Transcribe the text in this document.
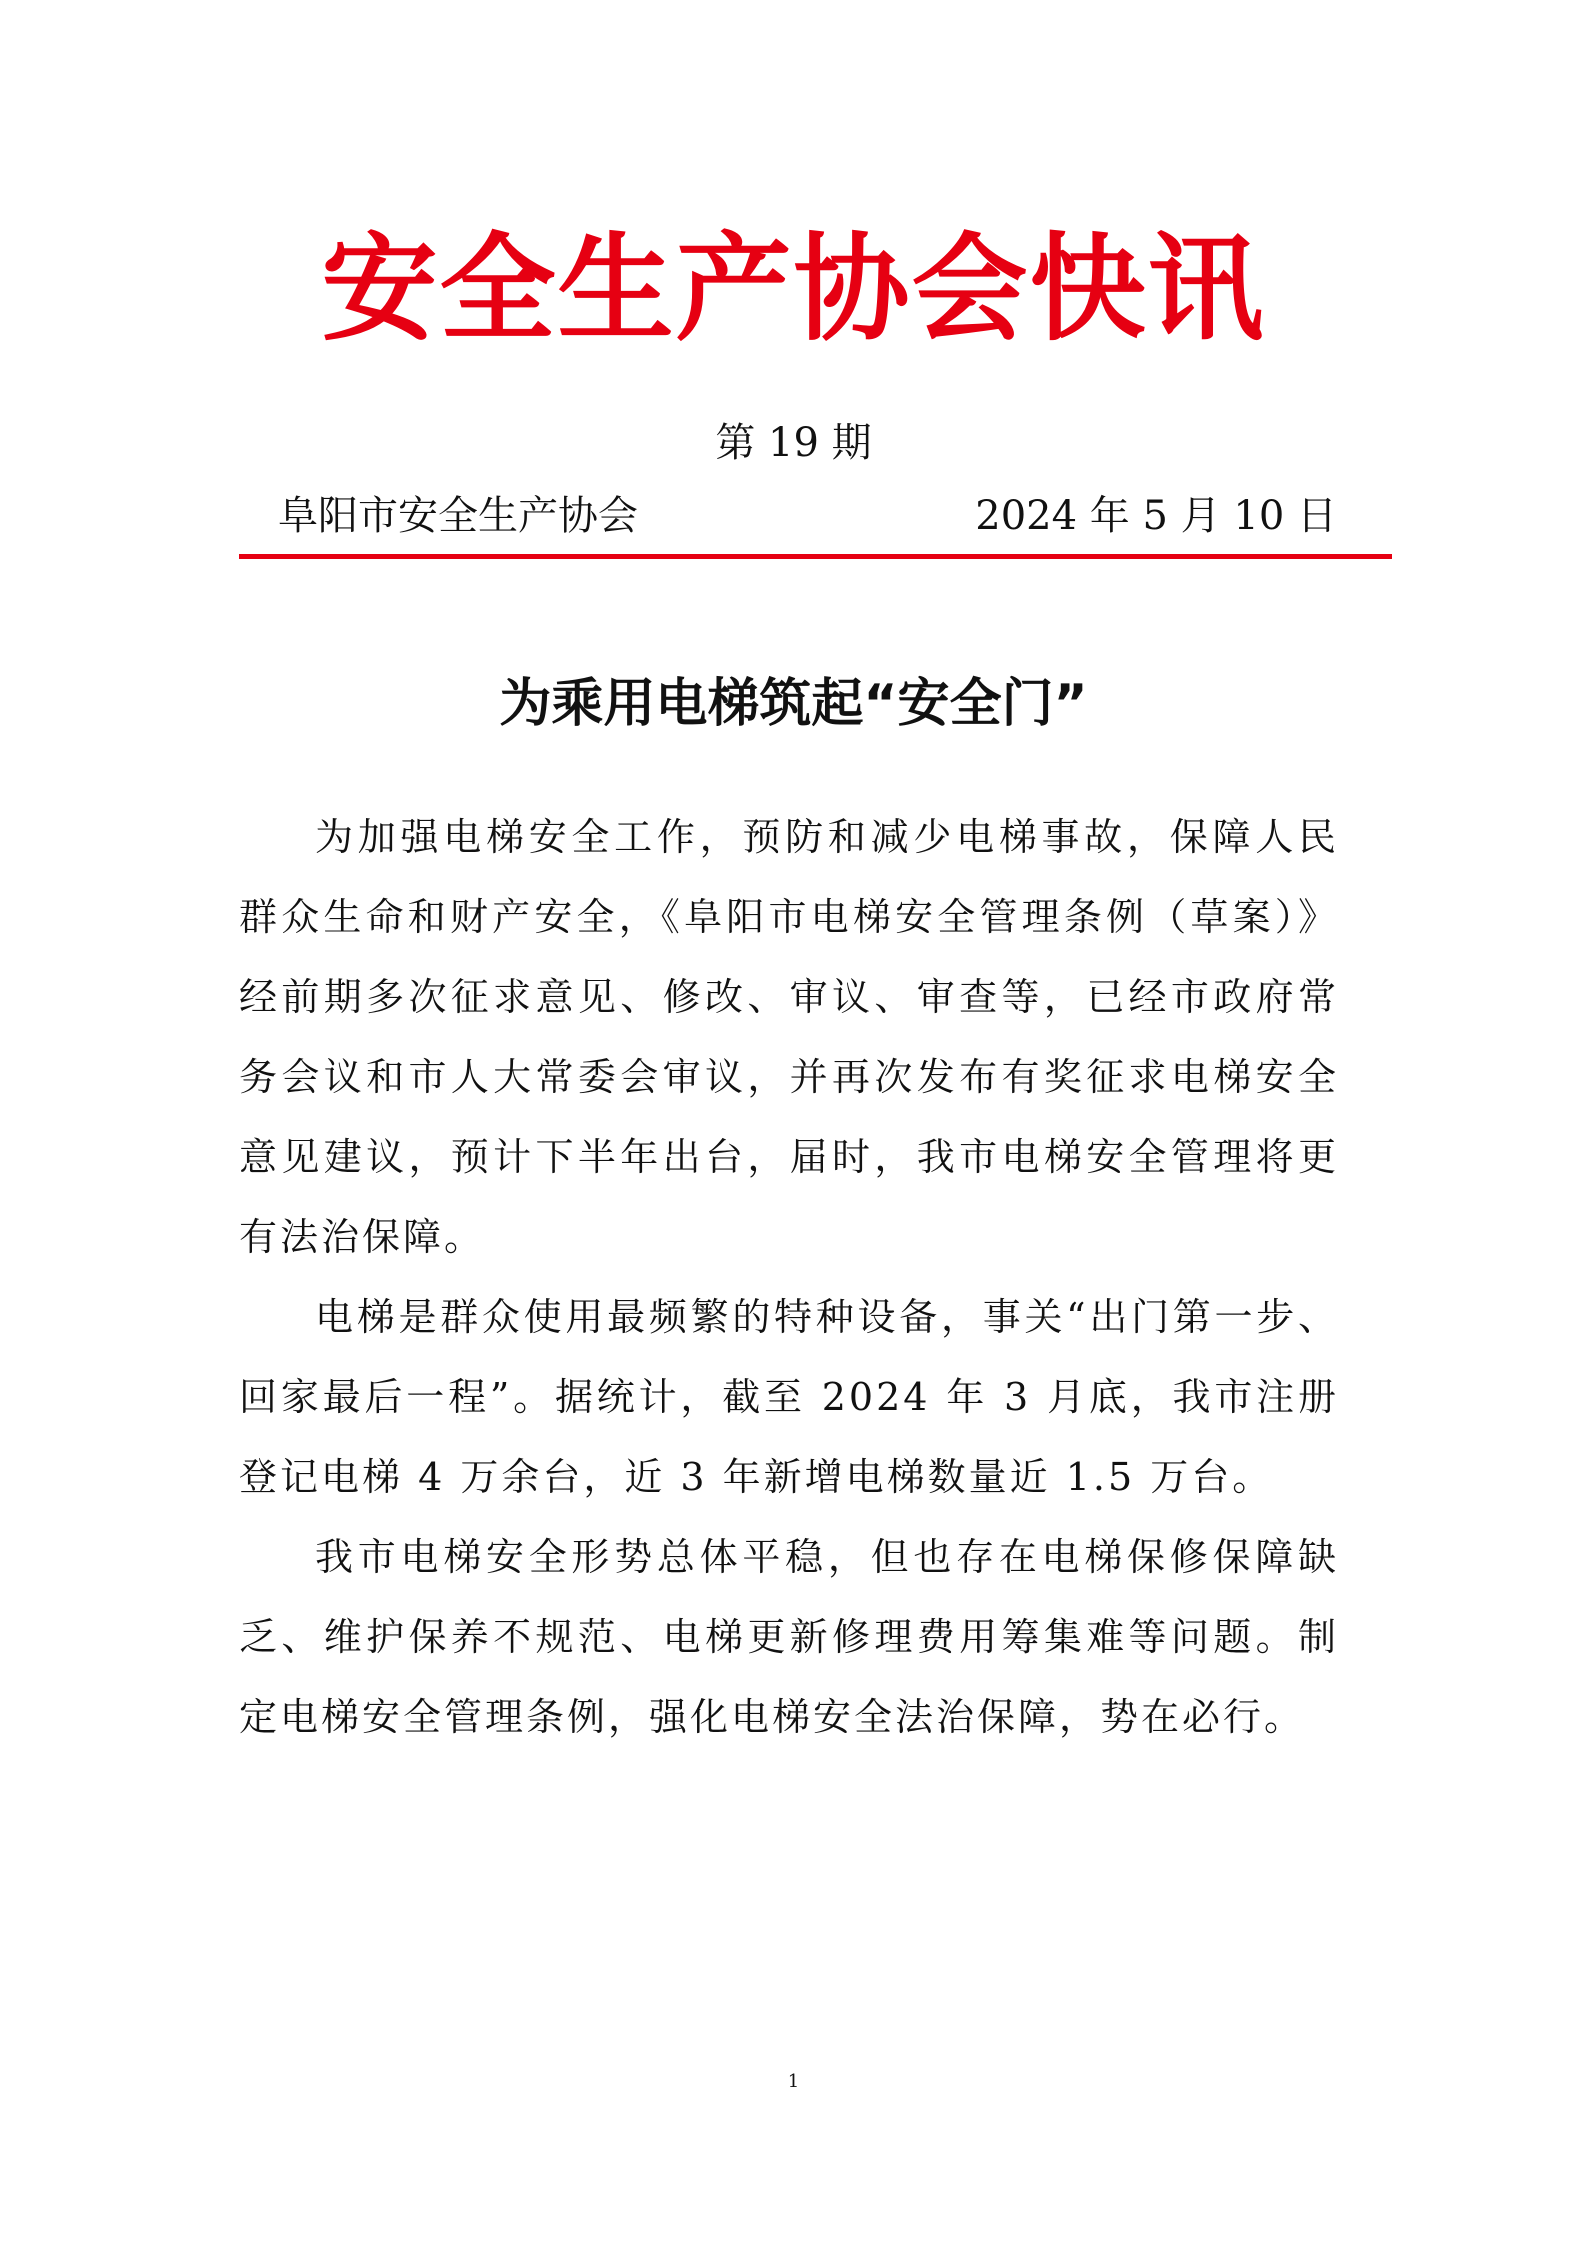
安全生产协会快讯
第 19 期
阜阳市安全生产协会	2024 年 5 月 10 日
为乘用电梯筑起“安全门”

为加强电梯安全工作，预防和减少电梯事故，保障人民群众生命和财产安全，《阜阳市电梯安全管理条例（草案）》经前期多次征求意见、修改、审议、审查等，已经市政府常务会议和市人大常委会审议，并再次发布有奖征求电梯安全意见建议，预计下半年出台，届时，我市电梯安全管理将更有法治保障。

电梯是群众使用最频繁的特种设备，事关“出门第一步、回家最后一程”。据统计，截至 2024 年 3 月底，我市注册登记电梯 4 万余台，近 3 年新增电梯数量近 1.5 万台。

我市电梯安全形势总体平稳，但也存在电梯保修保障缺乏、维护保养不规范、电梯更新修理费用筹集难等问题。制定电梯安全管理条例，强化电梯安全法治保障，势在必行。

1
